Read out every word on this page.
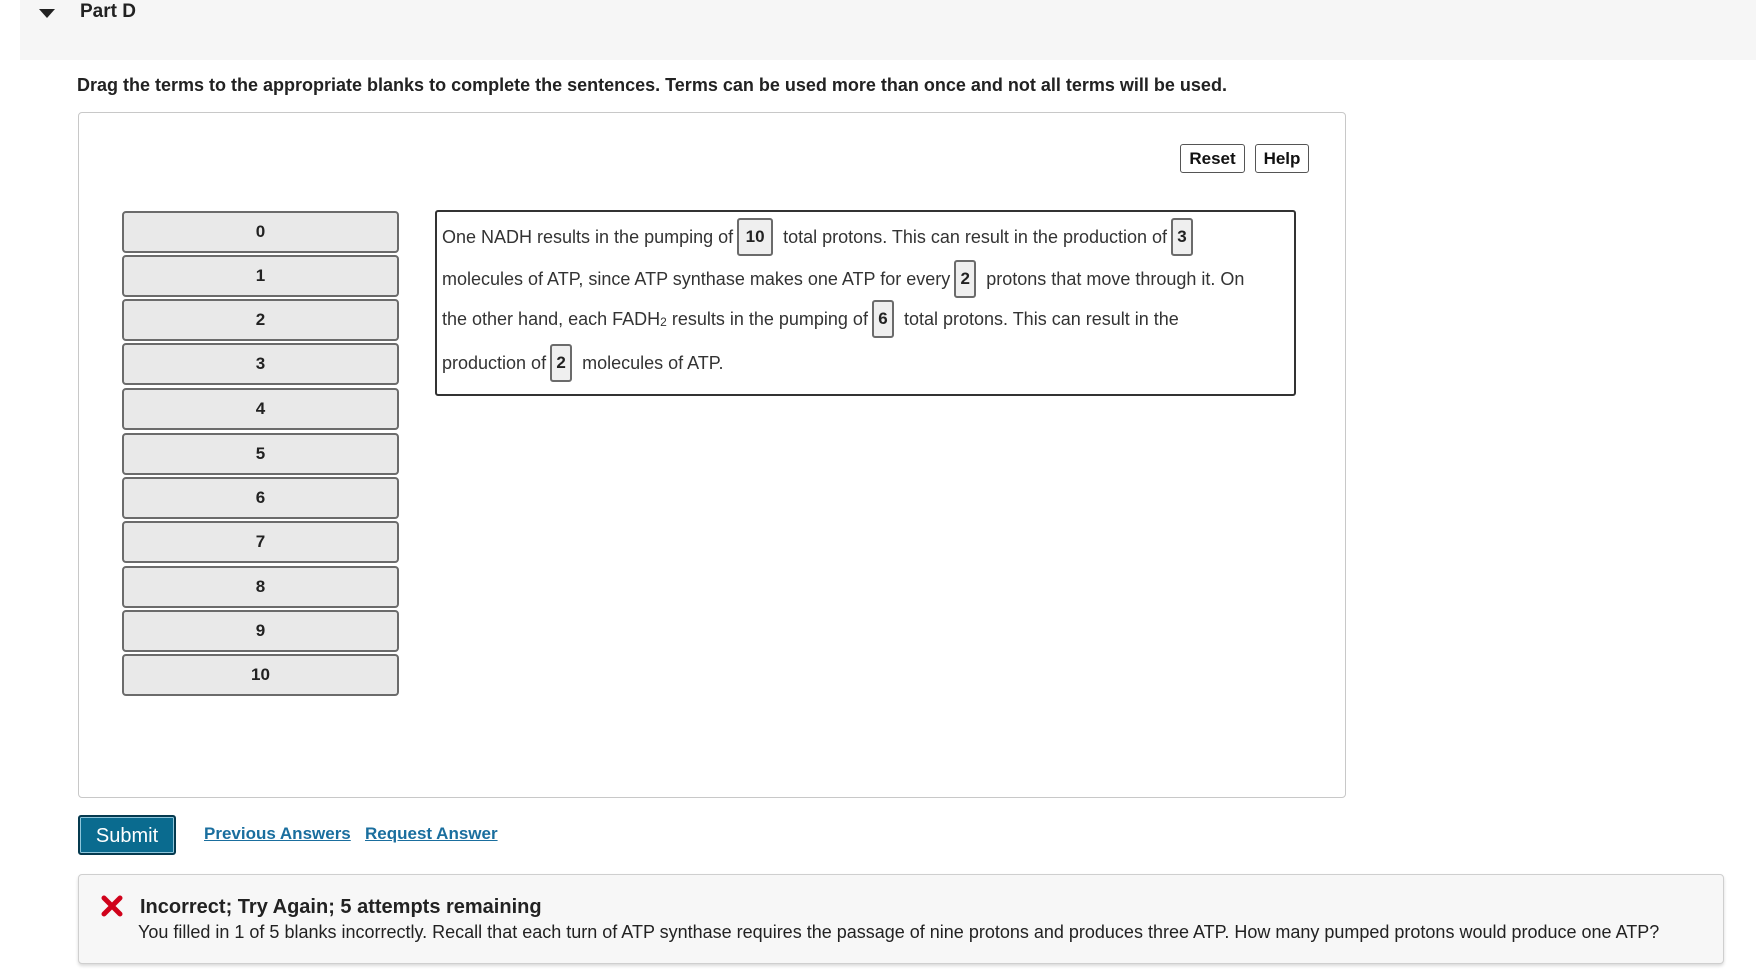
Part D
Drag the terms to the appropriate blanks to complete the sentences. Terms can be used more than once and not all terms will be used.
Reset	Help
0
1
2
3
4
5
6
7
8
9
10
One NADH results in the pumping of 10	total protons. This can result in the production of 3
molecules of ATP, since ATP synthase makes one ATP for every 2 protons that move through it. On
the other hand, each $FADH_2$ results in the pumping of 6 total protons. This can result in the
production of 2 molecules of ATP.
Submit	Previous Answers Request Answer
Incorrect; Try Again; 5 attempts remaining
You filled in 1 of 5 blanks incorrectly. Recall that each turn of ATP synthase requires the passage of nine protons and produces three ATP. How many pumped protons would produce one ATP?
